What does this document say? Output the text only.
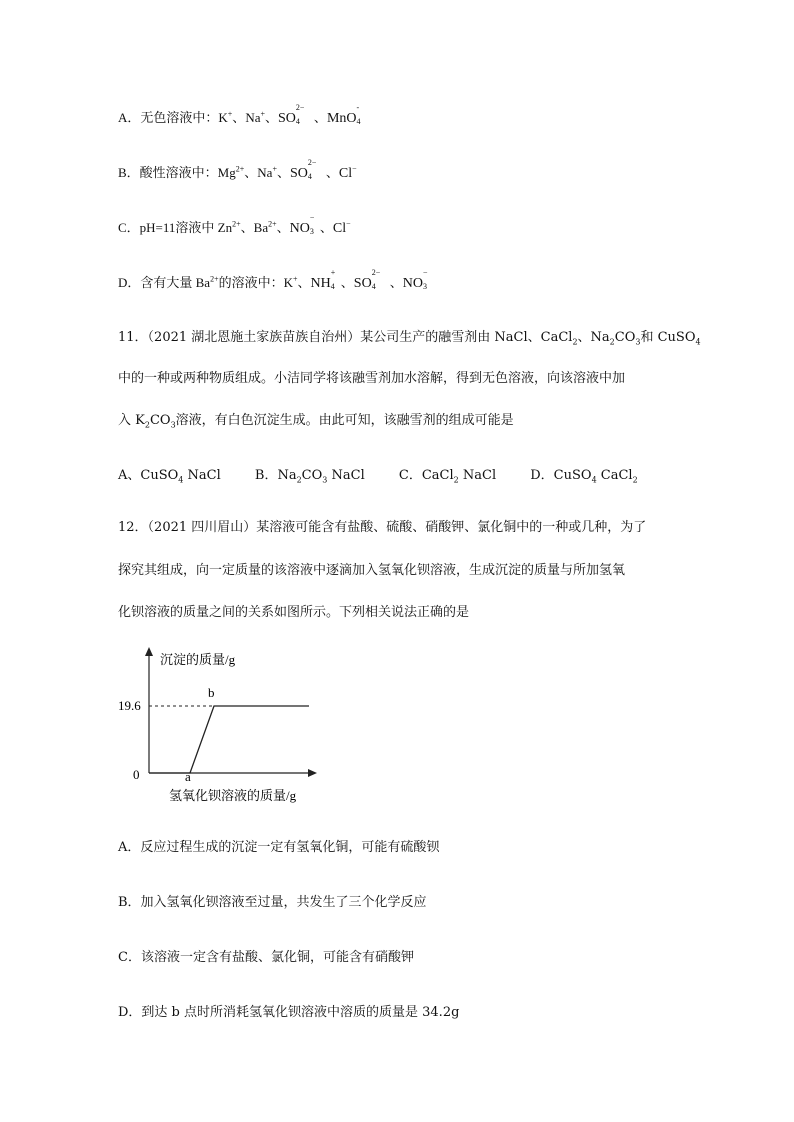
A．无色溶液中：K+、Na+、SO
2−
4 、MnO
-
4
B．酸性溶液中：$Mg^{2+}$、Na+、SO
2−
4 、Cl−
C．pH=11溶液中 $Zn^{2+}$、$Ba^{2+}$、NO
−
3 、Cl−
D．含有大量 $Ba^{2+}$的溶液中：K+、NH
+
4 、SO
2−
4 、NO
−
3
11．（2021 湖北恩施土家族苗族自治州）某公司生产的融雪剂由 NaCl、CaCl$_2$、$Na_2CO_3$和 CuSO$_4$
中的一种或两种物质组成。小洁同学将该融雪剂加水溶解，得到无色溶液，向该溶液中加
入 $K_2CO_3$溶液，有白色沉淀生成。由此可知，该融雪剂的组成可能是
A、CuSO$_4$ NaCl	B．$Na_2CO_3$ NaCl	C．CaCl$_2$ NaCl	D．CuSO$_4$ CaCl$_2$
12．（2021 四川眉山）某溶液可能含有盐酸、硫酸、硝酸钾、氯化铜中的一种或几种，为了
探究其组成，向一定质量的该溶液中逐滴加入氢氧化钡溶液，生成沉淀的质量与所加氢氧
化钡溶液的质量之间的关系如图所示。下列相关说法正确的是
沉淀的质量/g
19.6
0	a
b
氢氧化钡溶液的质量/g
A．反应过程生成的沉淀一定有氢氧化铜，可能有硫酸钡
B．加入氢氧化钡溶液至过量，共发生了三个化学反应
C．该溶液一定含有盐酸、氯化铜，可能含有硝酸钾
D．到达 b 点时所消耗氢氧化钡溶液中溶质的质量是 34.2g
